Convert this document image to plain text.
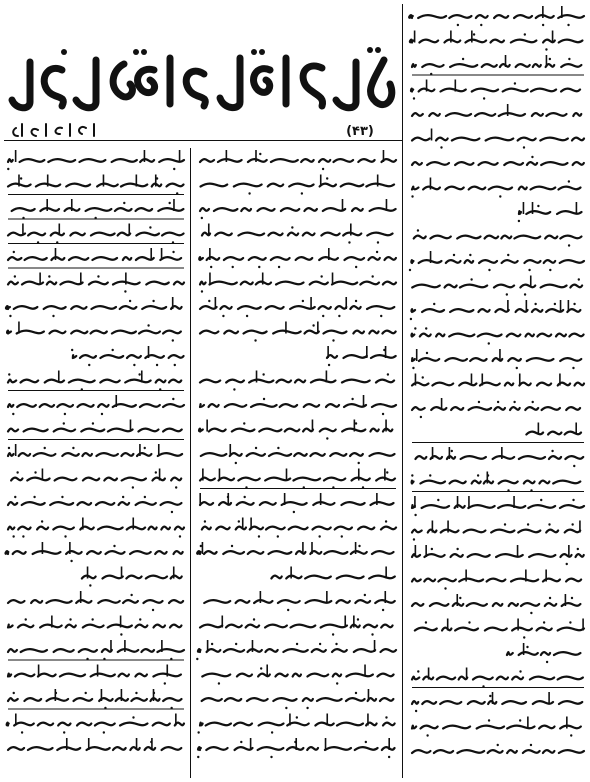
(۴۳)
